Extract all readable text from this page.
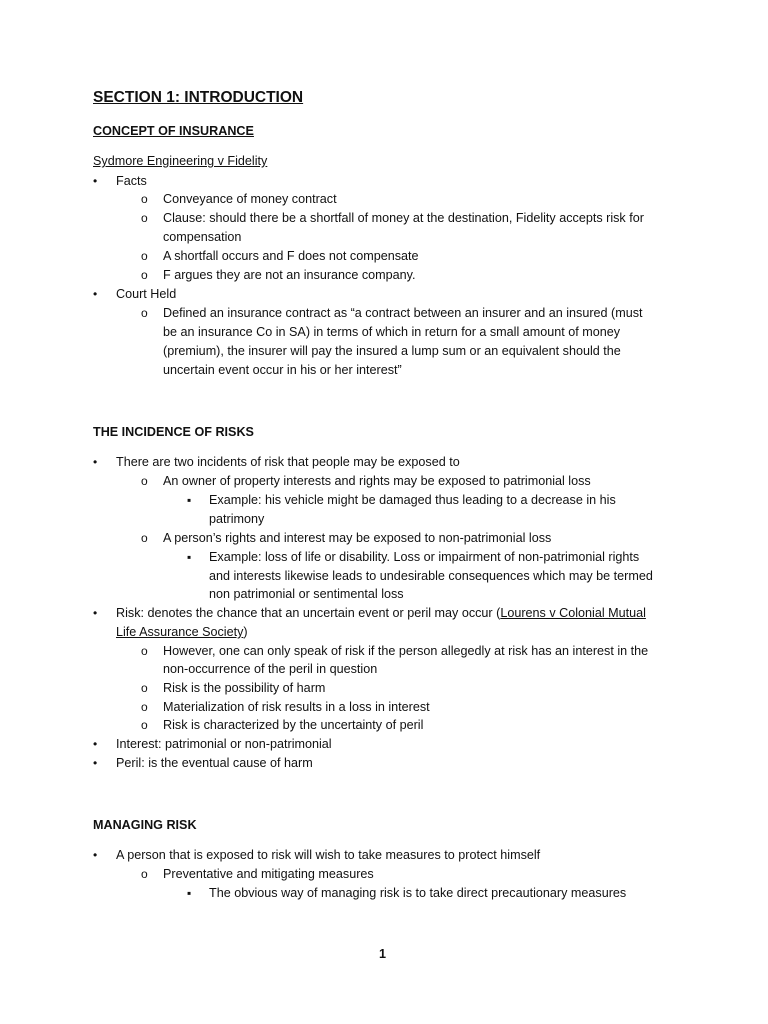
SECTION 1: INTRODUCTION
CONCEPT OF INSURANCE
Sydmore Engineering v Fidelity
• Facts
o Conveyance of money contract
o Clause: should there be a shortfall of money at the destination, Fidelity accepts risk for
compensation
o A shortfall occurs and F does not compensate
o F argues they are not an insurance company.
• Court Held
o Defined an insurance contract as “a contract between an insurer and an insured (must
be an insurance Co in SA) in terms of which in return for a small amount of money
(premium), the insurer will pay the insured a lump sum or an equivalent should the
uncertain event occur in his or her interest”
THE INCIDENCE OF RISKS
• There are two incidents of risk that people may be exposed to
o An owner of property interests and rights may be exposed to patrimonial loss
▪ Example: his vehicle might be damaged thus leading to a decrease in his
patrimony
o A person’s rights and interest may be exposed to non-patrimonial loss
▪ Example: loss of life or disability. Loss or impairment of non-patrimonial rights
and interests likewise leads to undesirable consequences which may be termed
non patrimonial or sentimental loss
• Risk: denotes the chance that an uncertain event or peril may occur (Lourens v Colonial Mutual
Life Assurance Society)
o However, one can only speak of risk if the person allegedly at risk has an interest in the
non-occurrence of the peril in question
o Risk is the possibility of harm
o Materialization of risk results in a loss in interest
o Risk is characterized by the uncertainty of peril
• Interest: patrimonial or non-patrimonial
• Peril: is the eventual cause of harm
MANAGING RISK
• A person that is exposed to risk will wish to take measures to protect himself
o Preventative and mitigating measures
▪ The obvious way of managing risk is to take direct precautionary measures
1
